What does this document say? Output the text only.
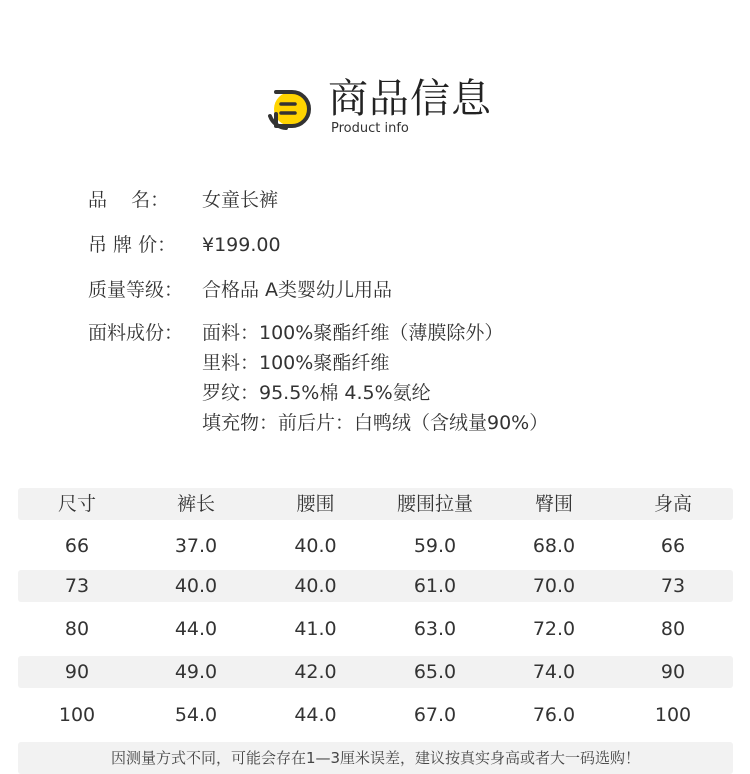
商品信息
Product info
品    名： 女童长裤
吊 牌 价： ¥199.00
质量等级： 合格品 A类婴幼儿用品
面料成份： 面料：100%聚酯纤维（薄膜除外）
里料：100%聚酯纤维
罗纹：95.5%棉 4.5%氨纶
填充物：前后片：白鸭绒（含绒量90%）
尺寸	裤长	腰围	腰围拉量	臀围	身高
66	37.0	40.0	59.0	68.0	66
73	40.0	40.0	61.0	70.0	73
80	44.0	41.0	63.0	72.0	80
90	49.0	42.0	65.0	74.0	90
100	54.0	44.0	67.0	76.0	100
因测量方式不同，可能会存在1—3厘米误差，建议按真实身高或者大一码选购！
